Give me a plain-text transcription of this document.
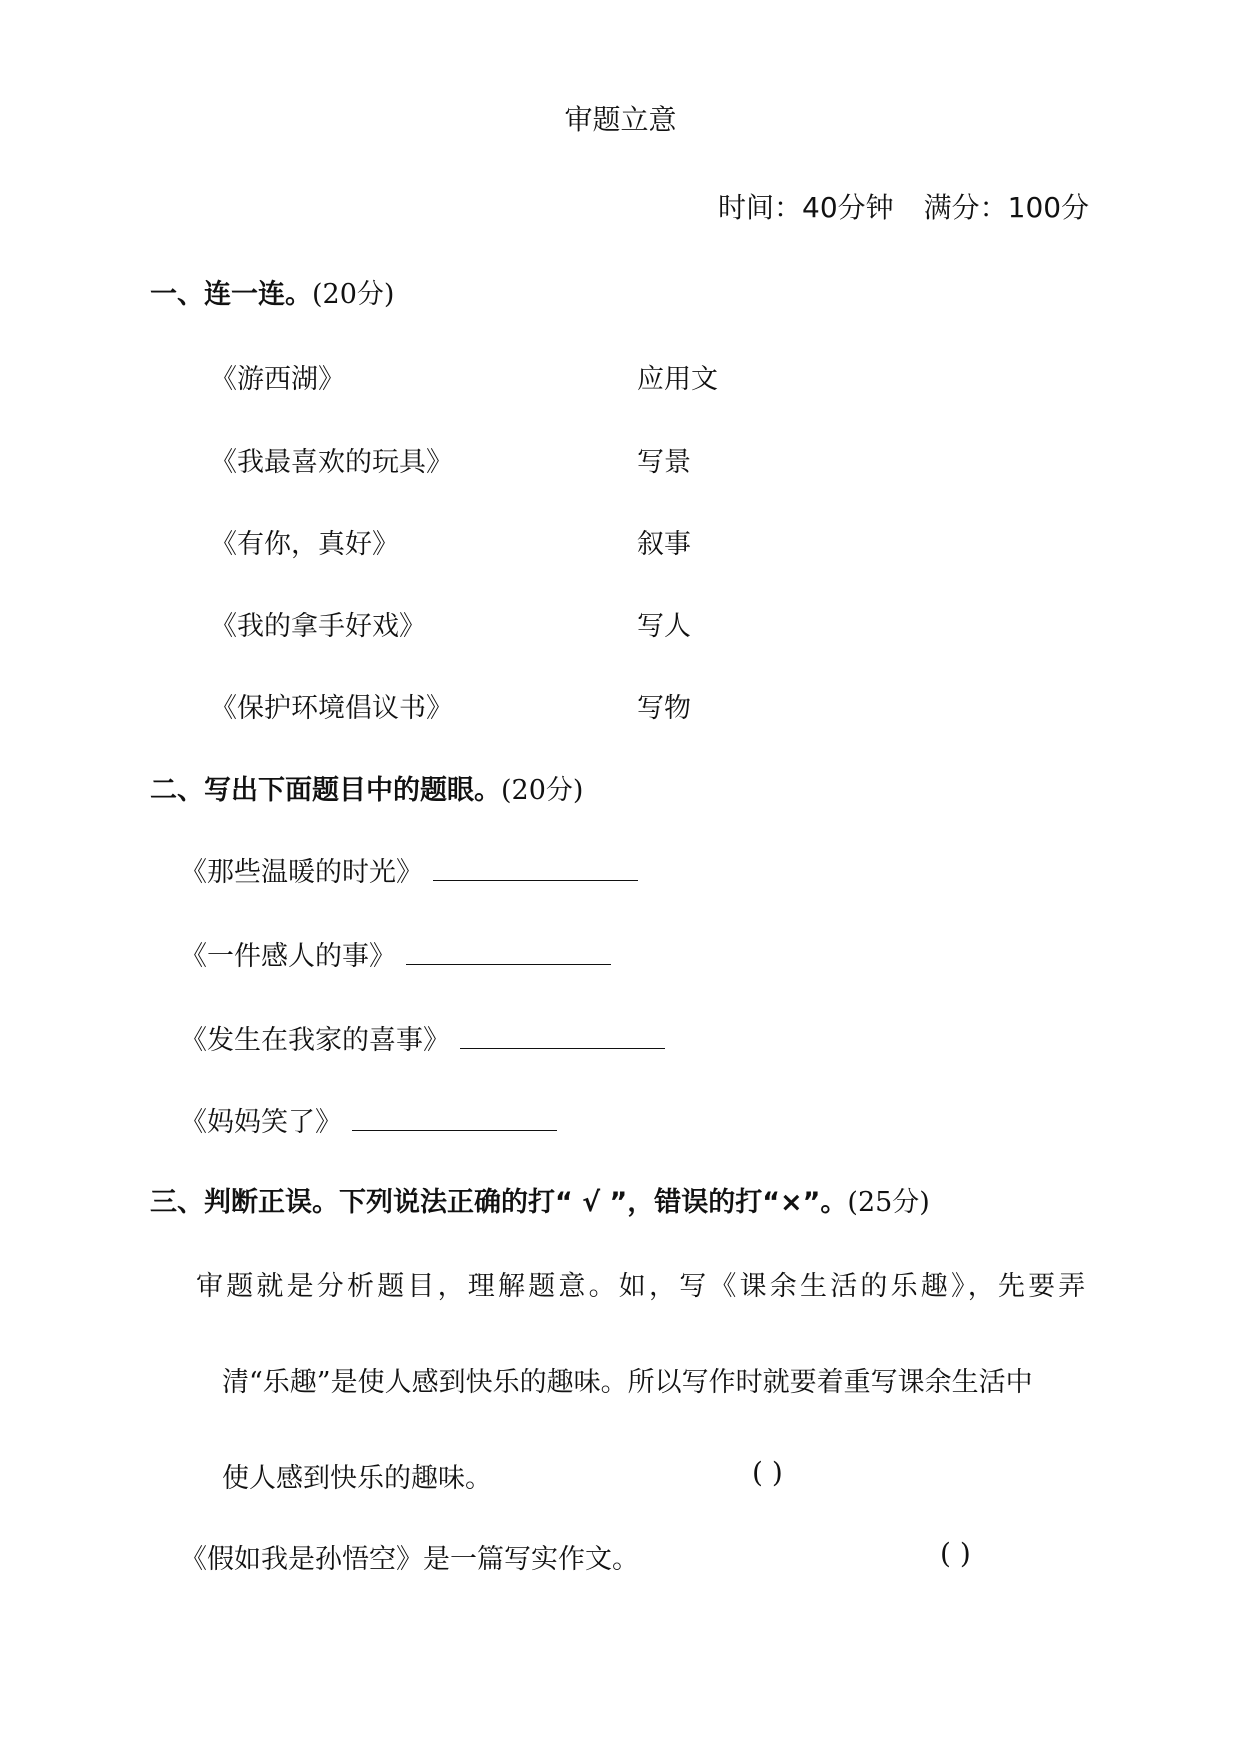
审题立意
时间：40分钟 满分：100分
一、连一连。(20分)
《游西湖》
《我最喜欢的玩具》
《有你，真好》
《我的拿手好戏》
《保护环境倡议书》
应用文
写景
叙事
写人
写物
二、写出下面题目中的题眼。(20分)
《那些温暖的时光》
《一件感人的事》
《发生在我家的喜事》
《妈妈笑了》
三、判断正误。下列说法正确的打“ √ ”，错误的打“×”。(25分)
审题就是分析题目，理解题意。如，写《课余生活的乐趣》，先要弄
清“乐趣”是使人感到快乐的趣味。所以写作时就要着重写课余生活中
使人感到快乐的趣味。	( )
《假如我是孙悟空》是一篇写实作文。	( )
